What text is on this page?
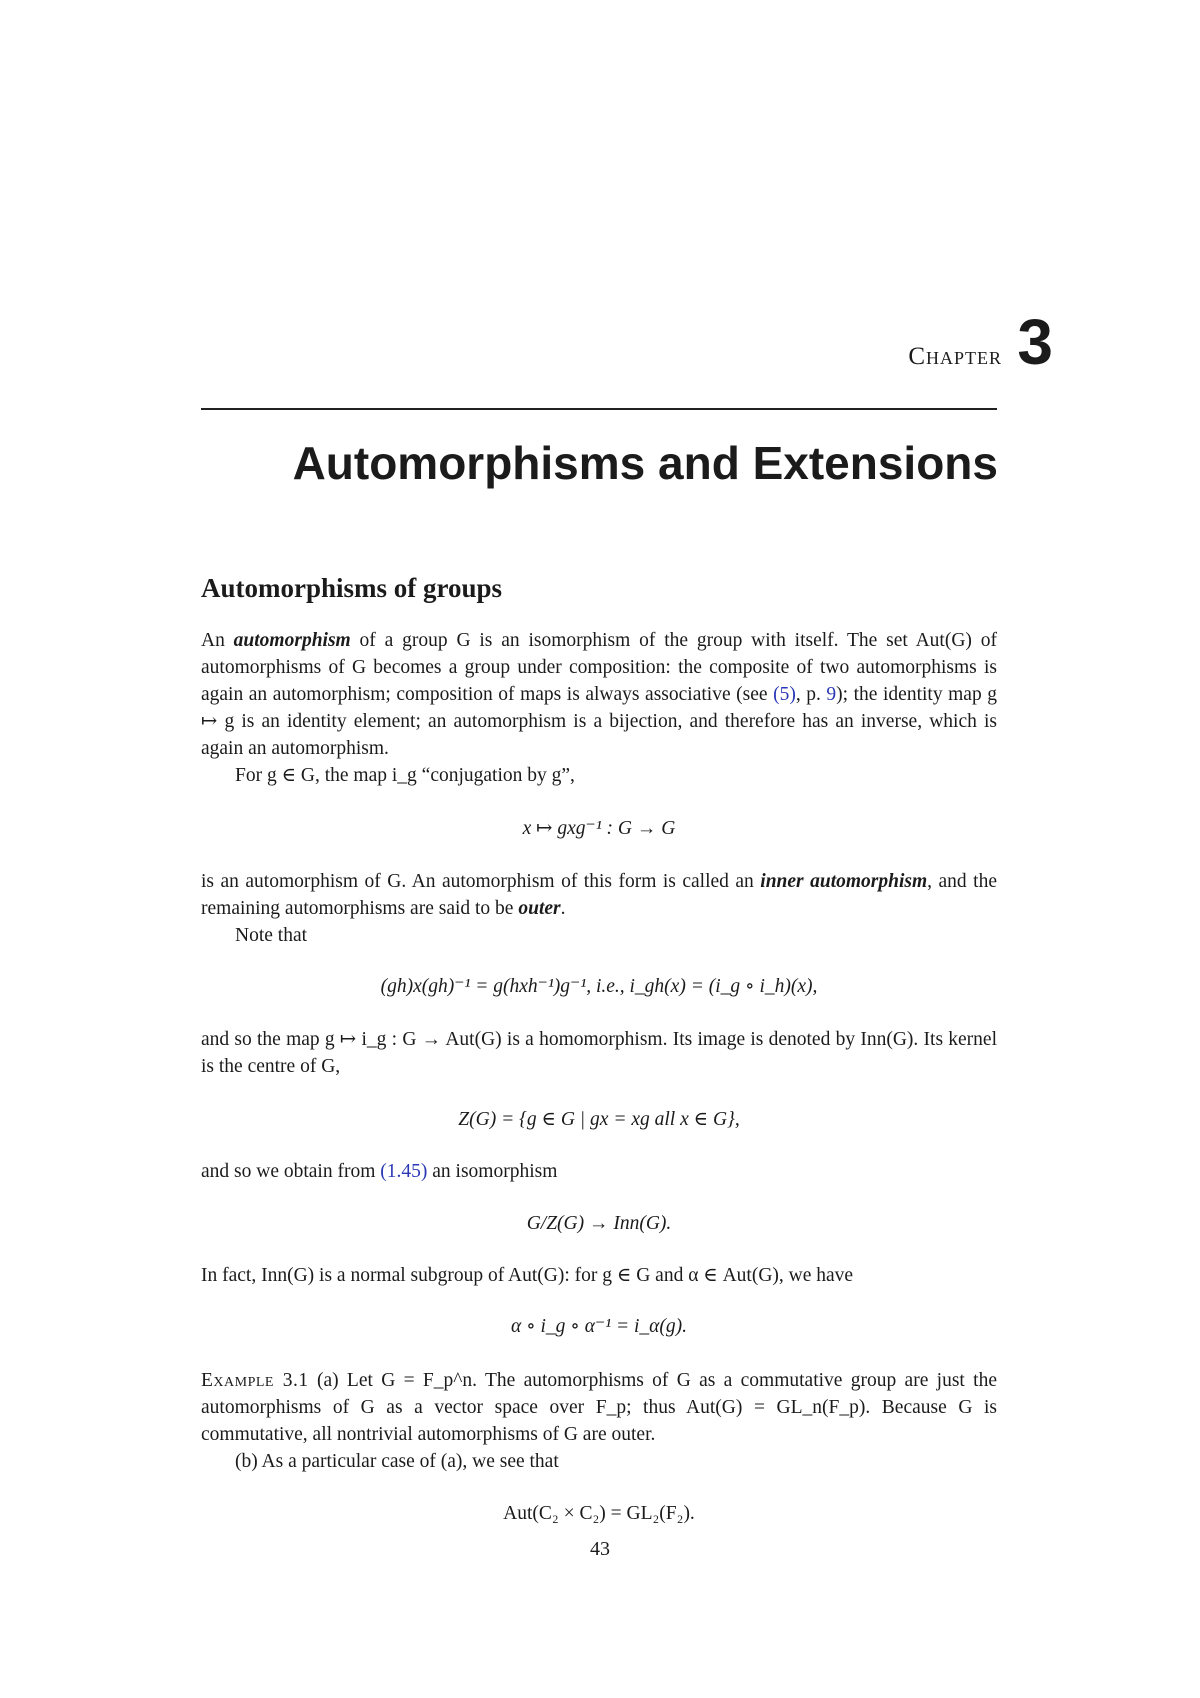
Chapter 3
Automorphisms and Extensions
Automorphisms of groups
An automorphism of a group G is an isomorphism of the group with itself. The set Aut(G) of automorphisms of G becomes a group under composition: the composite of two automorphisms is again an automorphism; composition of maps is always associative (see (5), p. 9); the identity map g ↦ g is an identity element; an automorphism is a bijection, and therefore has an inverse, which is again an automorphism.
For g ∈ G, the map i_g “conjugation by g”,
x ↦ gxg⁻¹ : G → G
is an automorphism of G. An automorphism of this form is called an inner automorphism, and the remaining automorphisms are said to be outer.
Note that
(gh)x(gh)⁻¹ = g(hxh⁻¹)g⁻¹, i.e., i_gh(x) = (i_g ∘ i_h)(x),
and so the map g ↦ i_g : G → Aut(G) is a homomorphism. Its image is denoted by Inn(G). Its kernel is the centre of G,
Z(G) = {g ∈ G | gx = xg all x ∈ G},
and so we obtain from (1.45) an isomorphism
G/Z(G) → Inn(G).
In fact, Inn(G) is a normal subgroup of Aut(G): for g ∈ G and α ∈ Aut(G), we have
α ∘ i_g ∘ α⁻¹ = i_α(g).
Example 3.1 (a) Let G = F_p^n. The automorphisms of G as a commutative group are just the automorphisms of G as a vector space over F_p; thus Aut(G) = GL_n(F_p). Because G is commutative, all nontrivial automorphisms of G are outer.
(b) As a particular case of (a), we see that
Aut(C₂ × C₂) = GL₂(F₂).
43
